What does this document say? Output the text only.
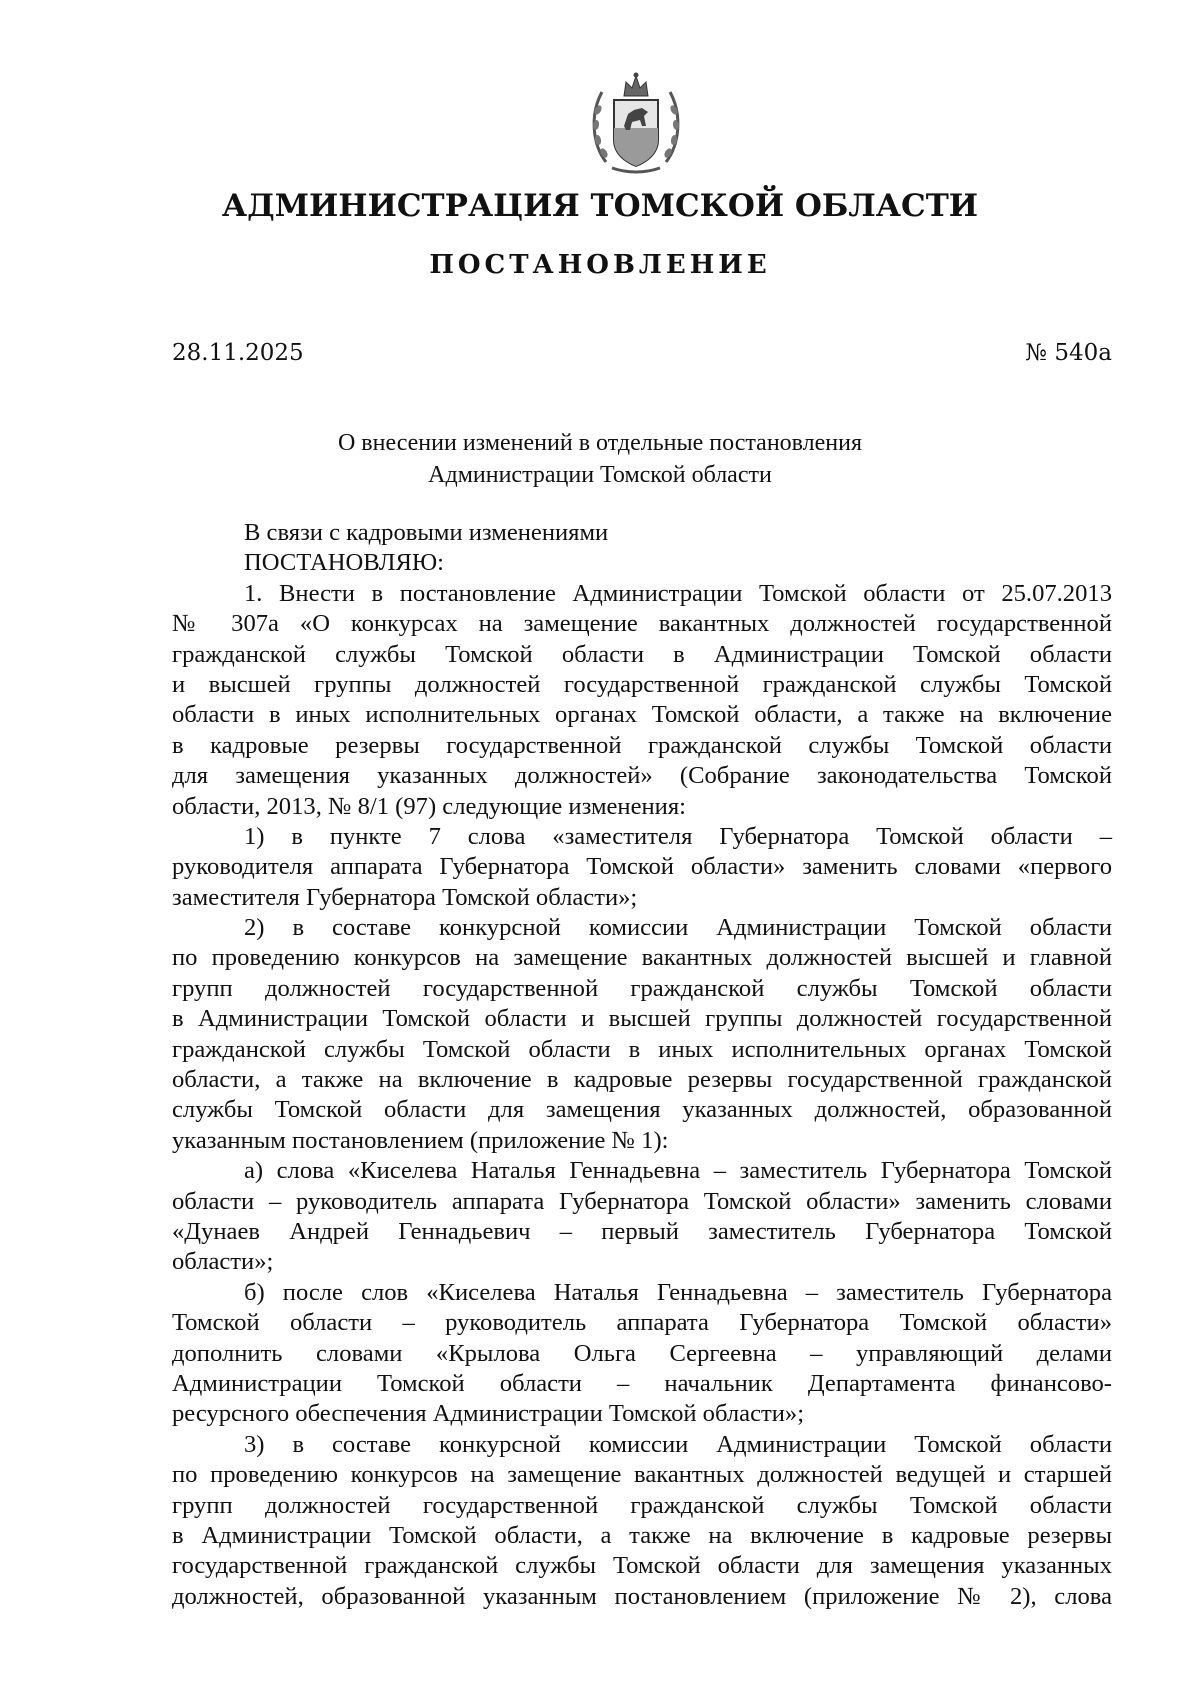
АДМИНИСТРАЦИЯ ТОМСКОЙ ОБЛАСТИ
ПОСТАНОВЛЕНИЕ
28.11.2025	№ 540а
О внесении изменений в отдельные постановления
Администрации Томской области
В связи с кадровыми изменениями
ПОСТАНОВЛЯЮ:
1. Внести в постановление Администрации Томской области от 25.07.2013
№ 307а «О конкурсах на замещение вакантных должностей государственной
гражданской службы Томской области в Администрации Томской области
и высшей группы должностей государственной гражданской службы Томской
области в иных исполнительных органах Томской области, а также на включение
в кадровые резервы государственной гражданской службы Томской области
для замещения указанных должностей» (Собрание законодательства Томской
области, 2013, № 8/1 (97) следующие изменения:
1) в пункте 7 слова «заместителя Губернатора Томской области –
руководителя аппарата Губернатора Томской области» заменить словами «первого
заместителя Губернатора Томской области»;
2) в составе конкурсной комиссии Администрации Томской области
по проведению конкурсов на замещение вакантных должностей высшей и главной
групп должностей государственной гражданской службы Томской области
в Администрации Томской области и высшей группы должностей государственной
гражданской службы Томской области в иных исполнительных органах Томской
области, а также на включение в кадровые резервы государственной гражданской
службы Томской области для замещения указанных должностей, образованной
указанным постановлением (приложение № 1):
а) слова «Киселева Наталья Геннадьевна – заместитель Губернатора Томской
области – руководитель аппарата Губернатора Томской области» заменить словами
«Дунаев Андрей Геннадьевич – первый заместитель Губернатора Томской
области»;
б) после слов «Киселева Наталья Геннадьевна – заместитель Губернатора
Томской области – руководитель аппарата Губернатора Томской области»
дополнить словами «Крылова Ольга Сергеевна – управляющий делами
Администрации Томской области – начальник Департамента финансово-
ресурсного обеспечения Администрации Томской области»;
3) в составе конкурсной комиссии Администрации Томской области
по проведению конкурсов на замещение вакантных должностей ведущей и старшей
групп должностей государственной гражданской службы Томской области
в Администрации Томской области, а также на включение в кадровые резервы
государственной гражданской службы Томской области для замещения указанных
должностей, образованной указанным постановлением (приложение № 2), слова
